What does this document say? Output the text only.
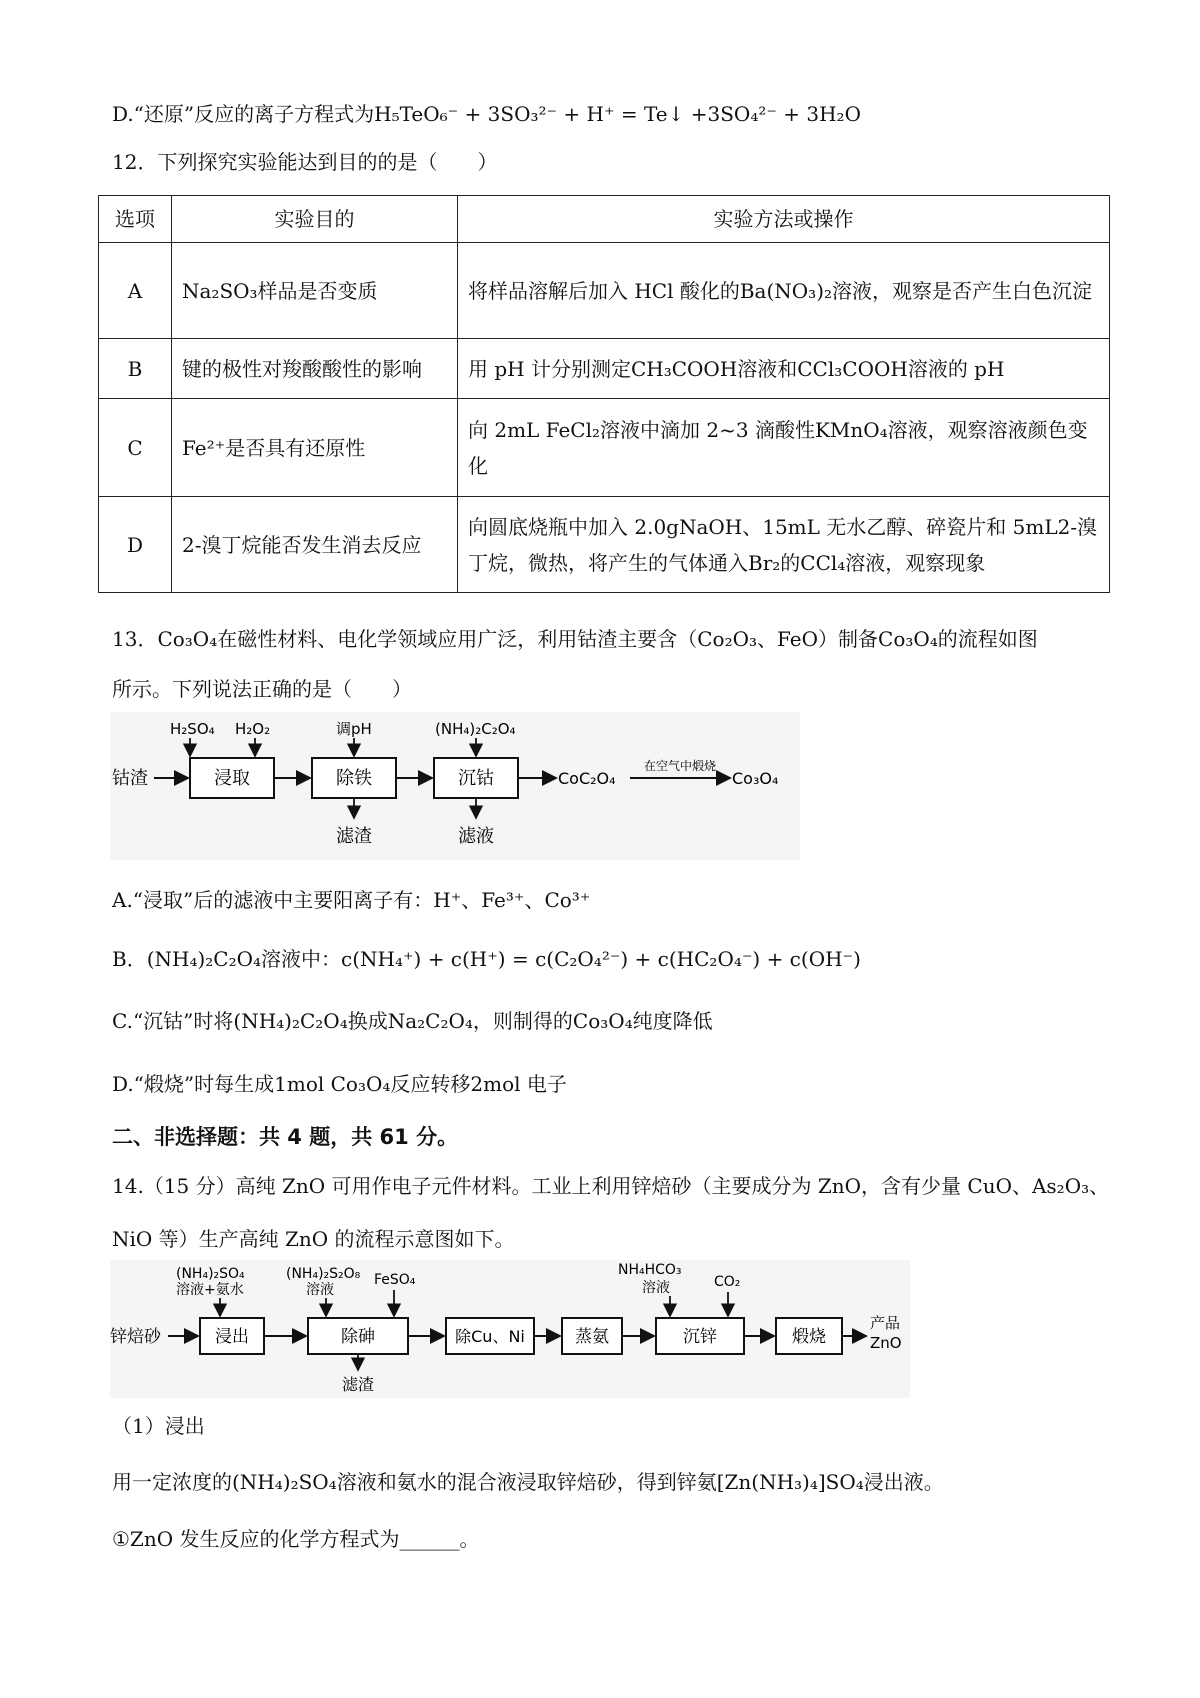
D.“还原”反应的离子方程式为H₅TeO₆⁻ + 3SO₃²⁻ + H⁺ = Te↓ +3SO₄²⁻ + 3H₂O
12．下列探究实验能达到目的的是（　　）
选项	实验目的	实验方法或操作
A	Na₂SO₃样品是否变质	将样品溶解后加入 HCl 酸化的Ba(NO₃)₂溶液，观察是否产生白色沉淀
B	键的极性对羧酸酸性的影响	用 pH 计分别测定CH₃COOH溶液和CCl₃COOH溶液的 pH
C	Fe²⁺是否具有还原性	向 2mL FeCl₂溶液中滴加 2~3 滴酸性KMnO₄溶液，观察溶液颜色变化
D	2-溴丁烷能否发生消去反应	向圆底烧瓶中加入 2.0gNaOH、15mL 无水乙醇、碎瓷片和 5mL2-溴丁烷，微热，将产生的气体通入Br₂的CCl₄溶液，观察现象
13．Co₃O₄在磁性材料、电化学领域应用广泛，利用钴渣主要含（Co₂O₃、FeO）制备Co₃O₄的流程如图
所示。下列说法正确的是（　　）
钴渣	浸取	除铁	沉钴	CoC₂O₄
在空气中煅烧
Co₃O₄
H₂SO₄ H₂O₂	调pH	(NH₄)₂C₂O₄
滤渣	滤液
A.“浸取”后的滤液中主要阳离子有：H⁺、Fe³⁺、Co³⁺
B．(NH₄)₂C₂O₄溶液中：c(NH₄⁺) + c(H⁺) = c(C₂O₄²⁻) + c(HC₂O₄⁻) + c(OH⁻)
C.“沉钴”时将(NH₄)₂C₂O₄换成Na₂C₂O₄，则制得的Co₃O₄纯度降低
D.“煅烧”时每生成1mol Co₃O₄反应转移2mol 电子
二、非选择题：共 4 题，共 61 分。
14.（15 分）高纯 ZnO 可用作电子元件材料。工业上利用锌焙砂（主要成分为 ZnO，含有少量 CuO、As₂O₃、
NiO 等）生产高纯 ZnO 的流程示意图如下。
锌焙砂	浸出	除砷	除Cu、Ni	蒸氨	沉锌	煅烧
产品
ZnO
(NH₄)₂SO₄
溶液+氨水
(NH₄)₂S₂O₈
溶液
FeSO₄
NH₄HCO₃
溶液	CO₂
滤渣
（1）浸出
用一定浓度的(NH₄)₂SO₄溶液和氨水的混合液浸取锌焙砂，得到锌氨[Zn(NH₃)₄]SO₄浸出液。
①ZnO 发生反应的化学方程式为______。
